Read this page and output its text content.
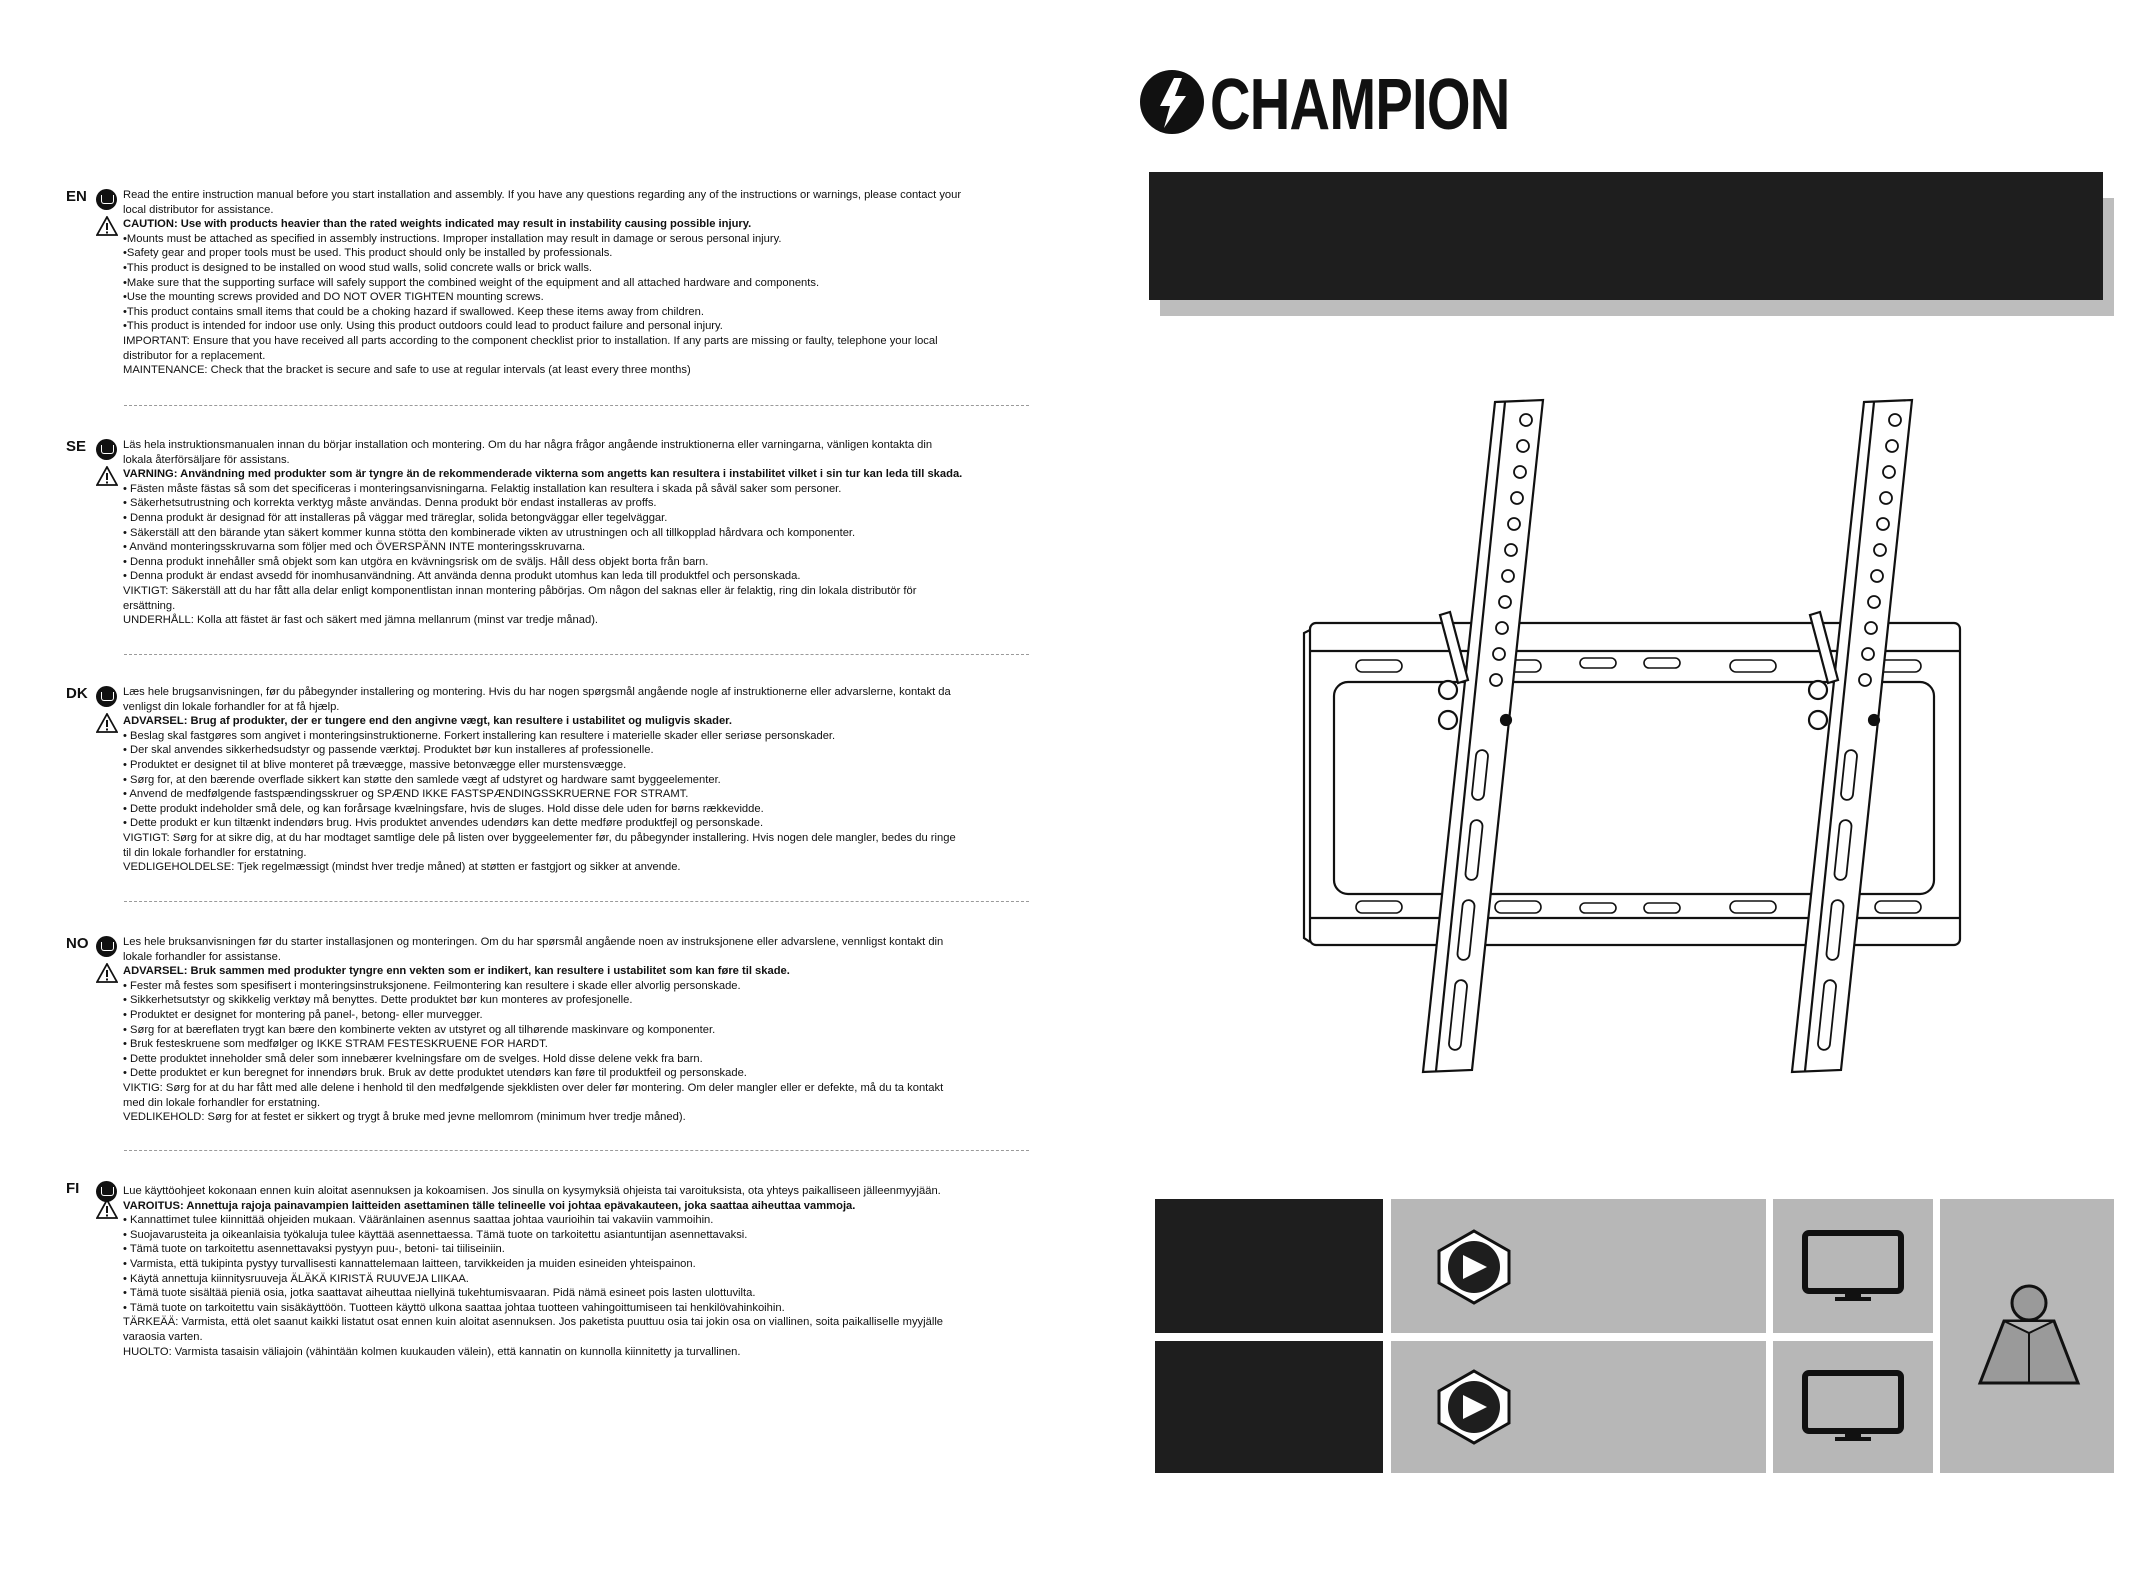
EN	Read the entire instruction manual before you start installation and assembly. If you have any questions regarding any of the instructions or warnings, please contact your

local distributor for assistance.

CAUTION: Use with products heavier than the rated weights indicated may result in instability causing possible injury.

•Mounts must be attached as specified in assembly instructions. Improper installation may result in damage or serous personal injury.

•Safety gear and proper tools must be used. This product should only be installed by professionals.

•This product is designed to be installed on wood stud walls, solid concrete walls or brick walls.

•Make sure that the supporting surface will safely support the combined weight of the equipment and all attached hardware and components.

•Use the mounting screws provided and DO NOT OVER TIGHTEN mounting screws.

•This product contains small items that could be a choking hazard if swallowed. Keep these items away from children.

•This product is intended for indoor use only. Using this product outdoors could lead to product failure and personal injury.

IMPORTANT: Ensure that you have received all parts according to the component checklist prior to installation. If any parts are missing or faulty, telephone your local

distributor for a replacement.

MAINTENANCE: Check that the bracket is secure and safe to use at regular intervals (at least every three months)

SE	Läs hela instruktionsmanualen innan du börjar installation och montering. Om du har några frågor angående instruktionerna eller varningarna, vänligen kontakta din

lokala återförsäljare för assistans.

VARNING: Användning med produkter som är tyngre än de rekommenderade vikterna som angetts kan resultera i instabilitet vilket i sin tur kan leda till skada.

• Fästen måste fästas så som det specificeras i monteringsanvisningarna. Felaktig installation kan resultera i skada på såväl saker som personer.

• Säkerhetsutrustning och korrekta verktyg måste användas. Denna produkt bör endast installeras av proffs.

• Denna produkt är designad för att installeras på väggar med träreglar, solida betongväggar eller tegelväggar.

• Säkerställ att den bärande ytan säkert kommer kunna stötta den kombinerade vikten av utrustningen och all tillkopplad hårdvara och komponenter.

• Använd monteringsskruvarna som följer med och ÖVERSPÄNN INTE monteringsskruvarna.

• Denna produkt innehåller små objekt som kan utgöra en kvävningsrisk om de sväljs. Håll dess objekt borta från barn.

• Denna produkt är endast avsedd för inomhusanvändning. Att använda denna produkt utomhus kan leda till produktfel och personskada.

VIKTIGT: Säkerställ att du har fått alla delar enligt komponentlistan innan montering påbörjas. Om någon del saknas eller är felaktig, ring din lokala distributör för

ersättning.

UNDERHÅLL: Kolla att fästet är fast och säkert med jämna mellanrum (minst var tredje månad).

DK	Læs hele brugsanvisningen, før du påbegynder installering og montering. Hvis du har nogen spørgsmål angående nogle af instruktionerne eller advarslerne, kontakt da

venligst din lokale forhandler for at få hjælp.

ADVARSEL: Brug af produkter, der er tungere end den angivne vægt, kan resultere i ustabilitet og muligvis skader.

• Beslag skal fastgøres som angivet i monteringsinstruktionerne. Forkert installering kan resultere i materielle skader eller seriøse personskader.

• Der skal anvendes sikkerhedsudstyr og passende værktøj. Produktet bør kun installeres af professionelle.

• Produktet er designet til at blive monteret på trævægge, massive betonvægge eller murstensvægge.

• Sørg for, at den bærende overflade sikkert kan støtte den samlede vægt af udstyret og hardware samt byggeelementer.

• Anvend de medfølgende fastspændingsskruer og SPÆND IKKE FASTSPÆNDINGSSKRUERNE FOR STRAMT.

• Dette produkt indeholder små dele, og kan forårsage kvælningsfare, hvis de sluges. Hold disse dele uden for børns rækkevidde.

• Dette produkt er kun tiltænkt indendørs brug. Hvis produktet anvendes udendørs kan dette medføre produktfejl og personskade.

VIGTIGT: Sørg for at sikre dig, at du har modtaget samtlige dele på listen over byggeelementer før, du påbegynder installering. Hvis nogen dele mangler, bedes du ringe

til din lokale forhandler for erstatning.

VEDLIGEHOLDELSE: Tjek regelmæssigt (mindst hver tredje måned) at støtten er fastgjort og sikker at anvende.

NO	Les hele bruksanvisningen før du starter installasjonen og monteringen. Om du har spørsmål angående noen av instruksjonene eller advarslene, vennligst kontakt din

lokale forhandler for assistanse.

ADVARSEL: Bruk sammen med produkter tyngre enn vekten som er indikert, kan resultere i ustabilitet som kan føre til skade.

• Fester må festes som spesifisert i monteringsinstruksjonene. Feilmontering kan resultere i skade eller alvorlig personskade.

• Sikkerhetsutstyr og skikkelig verktøy må benyttes. Dette produktet bør kun monteres av profesjonelle.

• Produktet er designet for montering på panel-, betong- eller murvegger.

• Sørg for at bæreflaten trygt kan bære den kombinerte vekten av utstyret og all tilhørende maskinvare og komponenter.

• Bruk festeskruene som medfølger og IKKE STRAM FESTESKRUENE FOR HARDT.

• Dette produktet inneholder små deler som innebærer kvelningsfare om de svelges. Hold disse delene vekk fra barn.

• Dette produktet er kun beregnet for innendørs bruk. Bruk av dette produktet utendørs kan føre til produktfeil og personskade.

VIKTIG: Sørg for at du har fått med alle delene i henhold til den medfølgende sjekklisten over deler før montering. Om deler mangler eller er defekte, må du ta kontakt

med din lokale forhandler for erstatning.

VEDLIKEHOLD: Sørg for at festet er sikkert og trygt å bruke med jevne mellomrom (minimum hver tredje måned).

FI	Lue käyttöohjeet kokonaan ennen kuin aloitat asennuksen ja kokoamisen. Jos sinulla on kysymyksiä ohjeista tai varoituksista, ota yhteys paikalliseen jälleenmyyjään.

VAROITUS: Annettuja rajoja painavampien laitteiden asettaminen tälle telineelle voi johtaa epävakauteen, joka saattaa aiheuttaa vammoja.

• Kannattimet tulee kiinnittää ohjeiden mukaan. Vääränlainen asennus saattaa johtaa vaurioihin tai vakaviin vammoihin.

• Suojavarusteita ja oikeanlaisia työkaluja tulee käyttää asennettaessa. Tämä tuote on tarkoitettu asiantuntijan asennettavaksi.

• Tämä tuote on tarkoitettu asennettavaksi pystyyn puu-, betoni- tai tiiliseiniin.

• Varmista, että tukipinta pystyy turvallisesti kannattelemaan laitteen, tarvikkeiden ja muiden esineiden yhteispainon.

• Käytä annettuja kiinnitysruuveja ÄLÄKÄ KIRISTÄ RUUVEJA LIIKAA.

• Tämä tuote sisältää pieniä osia, jotka saattavat aiheuttaa niellyinä tukehtumisvaaran. Pidä nämä esineet pois lasten ulottuvilta.

• Tämä tuote on tarkoitettu vain sisäkäyttöön. Tuotteen käyttö ulkona saattaa johtaa tuotteen vahingoittumiseen tai henkilövahinkoihin.

TÄRKEÄÄ: Varmista, että olet saanut kaikki listatut osat ennen kuin aloitat asennuksen. Jos paketista puuttuu osia tai jokin osa on viallinen, soita paikalliselle myyjälle

varaosia varten.

HUOLTO: Varmista tasaisin väliajoin (vähintään kolmen kuukauden välein), että kannatin on kunnolla kiinnitetty ja turvallinen.

CHAMPION
